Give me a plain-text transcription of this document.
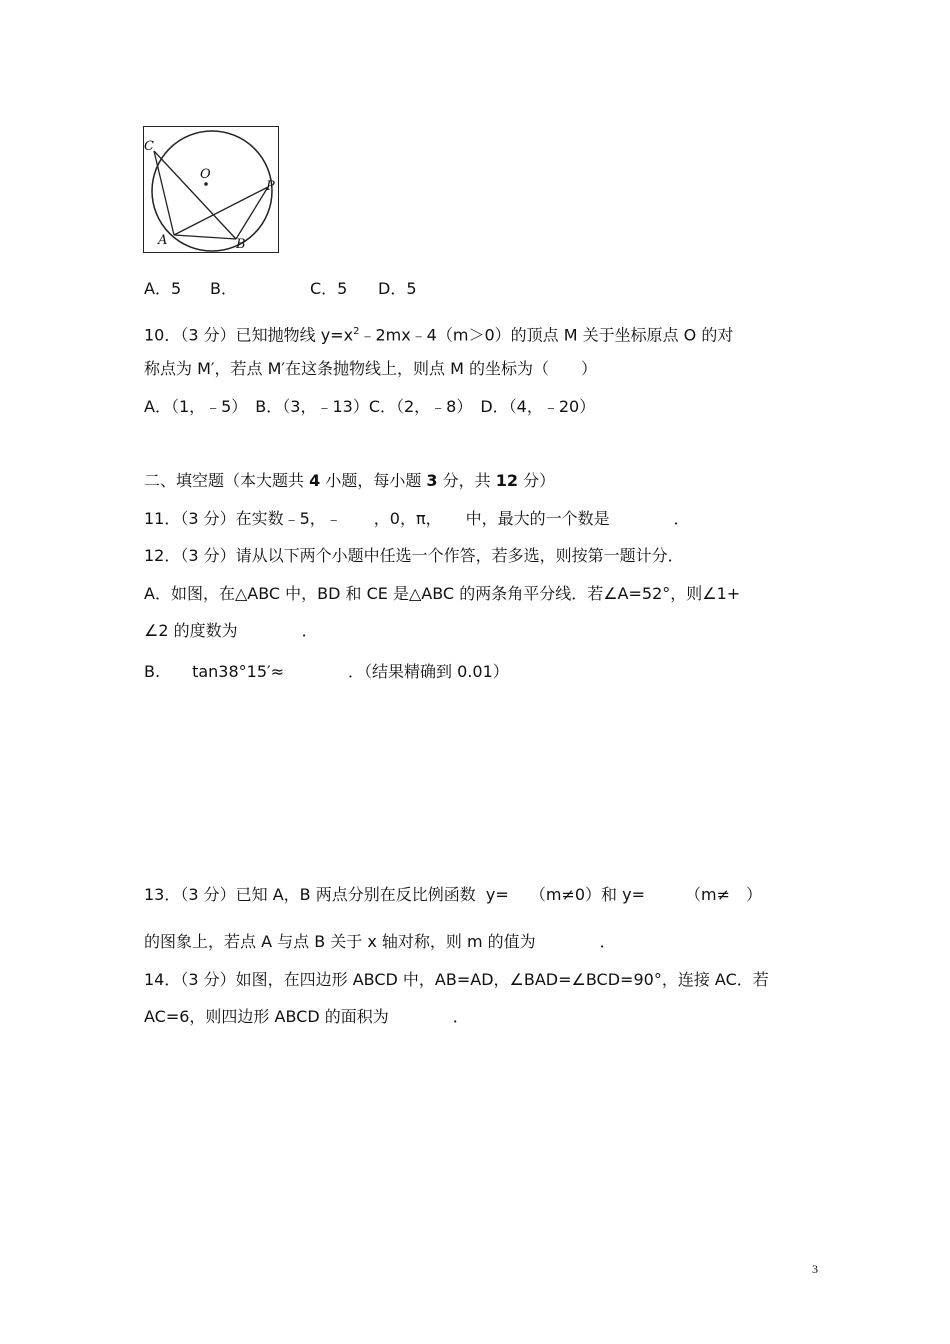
C
O
P
A	B
A．5 B．	C．5 D．5
10．（3 分）已知抛物线 $y=x^2﹣2mx﹣4(m>0)$的顶点 M 关于坐标原点 O 的对
称点为 M′，若点 M′在这条抛物线上，则点 M 的坐标为（　　）
A．（1，﹣5）　B．（3，﹣13）C．（2，﹣8）　D．（4，﹣20）
二、填空题（本大题共 4 小题，每小题 3 分，共 12 分）
11．（3 分）在实数﹣5，﹣　　，0，π，　　中，最大的一个数是　　　　．
12．（3 分）请从以下两个小题中任选一个作答，若多选，则按第一题计分．
A．如图，在△ABC 中，BD 和 CE 是△ABC 的两条角平分线．若∠A=52°，则∠1+
∠2 的度数为　　　　．
B.　　tan38°15′≈　　　　．（结果精确到 0.01）
13．（3 分）已知 A，B 两点分别在反比例函数  y=　 （m≠0）和 y=　　　（m≠　）
的图象上，若点 A 与点 B 关于 x 轴对称，则 m 的值为　　　　．
14．（3 分）如图，在四边形 ABCD 中，AB=AD，∠BAD=∠BCD=90°，连接 AC．若
AC=6，则四边形 ABCD 的面积为　　　　．
3
